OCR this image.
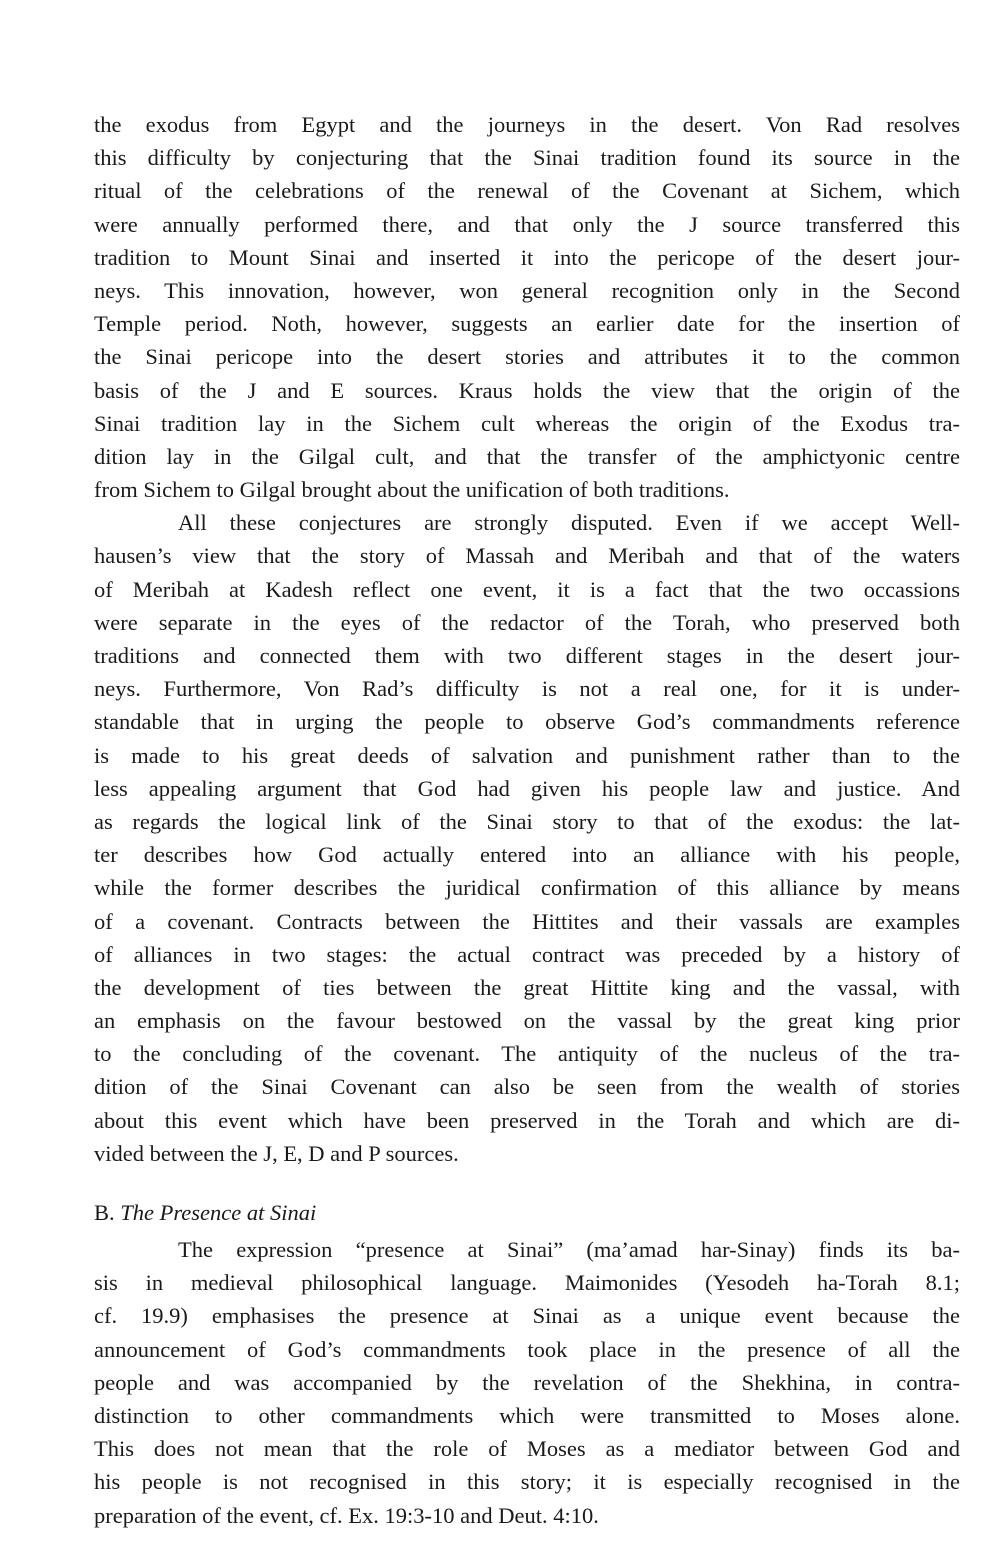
the exodus from Egypt and the journeys in the desert. Von Rad resolves
this difficulty by conjecturing that the Sinai tradition found its source in the
ritual of the celebrations of the renewal of the Covenant at Sichem, which
were annually performed there, and that only the J source transferred this
tradition to Mount Sinai and inserted it into the pericope of the desert jour-
neys. This innovation, however, won general recognition only in the Second
Temple period. Noth, however, suggests an earlier date for the insertion of
the Sinai pericope into the desert stories and attributes it to the common
basis of the J and E sources. Kraus holds the view that the origin of the
Sinai tradition lay in the Sichem cult whereas the origin of the Exodus tra-
dition lay in the Gilgal cult, and that the transfer of the amphictyonic centre
from Sichem to Gilgal brought about the unification of both traditions.
All these conjectures are strongly disputed. Even if we accept Well-
hausen’s view that the story of Massah and Meribah and that of the waters
of Meribah at Kadesh reflect one event, it is a fact that the two occassions
were separate in the eyes of the redactor of the Torah, who preserved both
traditions and connected them with two different stages in the desert jour-
neys. Furthermore, Von Rad’s difficulty is not a real one, for it is under-
standable that in urging the people to observe God’s commandments reference
is made to his great deeds of salvation and punishment rather than to the
less appealing argument that God had given his people law and justice. And
as regards the logical link of the Sinai story to that of the exodus: the lat-
ter describes how God actually entered into an alliance with his people,
while the former describes the juridical confirmation of this alliance by means
of a covenant. Contracts between the Hittites and their vassals are examples
of alliances in two stages: the actual contract was preceded by a history of
the development of ties between the great Hittite king and the vassal, with
an emphasis on the favour bestowed on the vassal by the great king prior
to the concluding of the covenant. The antiquity of the nucleus of the tra-
dition of the Sinai Covenant can also be seen from the wealth of stories
about this event which have been preserved in the Torah and which are di-
vided between the J, E, D and P sources.
B. The Presence at Sinai
The expression “presence at Sinai” (ma’amad har-Sinay) finds its ba-
sis in medieval philosophical language. Maimonides (Yesodeh ha-Torah 8.1;
cf. 19.9) emphasises the presence at Sinai as a unique event because the
announcement of God’s commandments took place in the presence of all the
people and was accompanied by the revelation of the Shekhina, in contra-
distinction to other commandments which were transmitted to Moses alone.
This does not mean that the role of Moses as a mediator between God and
his people is not recognised in this story; it is especially recognised in the
preparation of the event, cf. Ex. 19:3-10 and Deut. 4:10.
